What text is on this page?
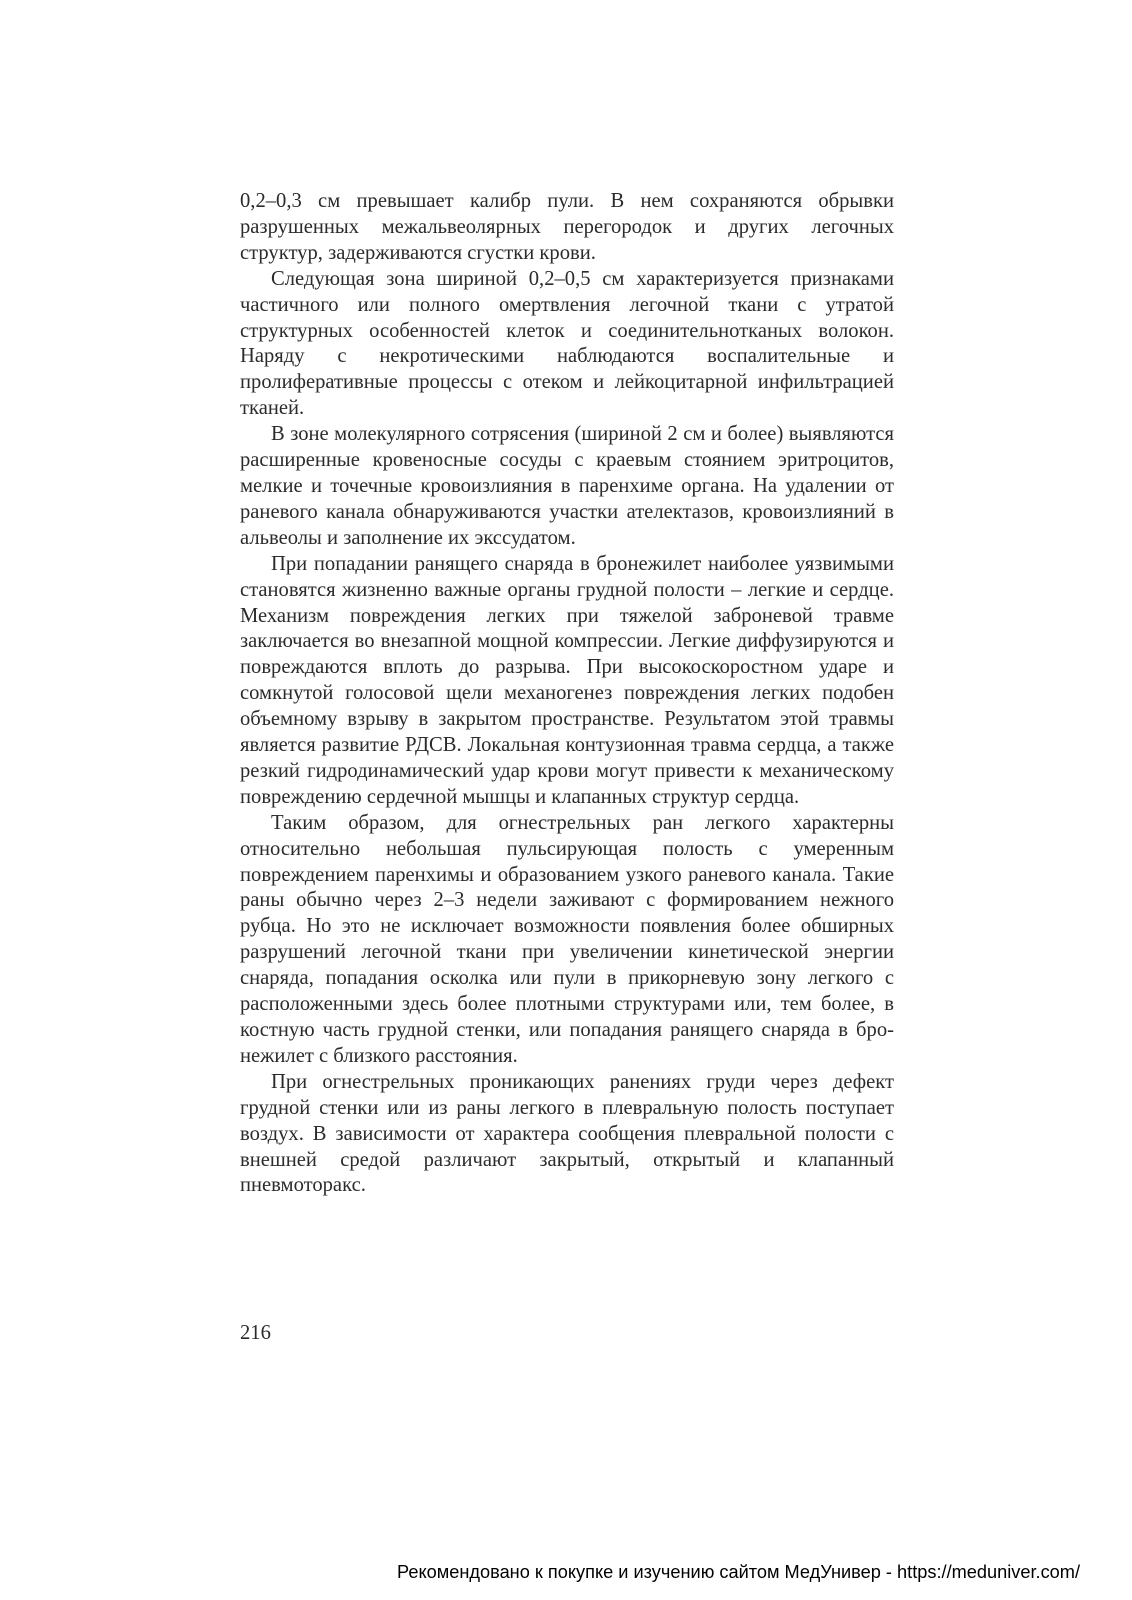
0,2–0,3 см превышает калибр пули. В нем сохраняются обрывки разрушенных межальвеолярных перегородок и других легочных структур, задерживаются сгустки крови.

Следующая зона шириной 0,2–0,5 см характеризуется признаками частичного или полного омертвления легочной ткани с утратой структурных особенностей клеток и соединительнотканых волокон. Наряду с некротическими наблюдаются воспалительные и пролиферативные процессы с отеком и лейкоцитарной инфильтрацией тканей.

В зоне молекулярного сотрясения (шириной 2 см и более) выявляются расширенные кровеносные сосуды с краевым стоянием эритроцитов, мелкие и точечные кровоизлияния в паренхиме органа. На удалении от раневого канала обнаруживаются участки ателектазов, кровоизлияний в альвеолы и заполнение их экссудатом.

При попадании ранящего снаряда в бронежилет наиболее уязвимыми становятся жизненно важные органы грудной полости – легкие и сердце. Механизм повреждения легких при тяжелой заброневой травме заключается во внезапной мощной компрессии. Легкие диффузируются и повреждаются вплоть до разрыва. При высокоскоростном ударе и сомкнутой голосовой щели механогенез повреждения легких подобен объемному взрыву в закрытом пространстве. Результатом этой травмы является развитие РДСВ. Локальная контузионная травма сердца, а также резкий гидродинамический удар крови могут привести к механическому повреждению сердечной мышцы и клапанных структур сердца.

Таким образом, для огнестрельных ран легкого характерны относительно небольшая пульсирующая полость с умеренным повреждением паренхимы и образованием узкого раневого канала. Такие раны обычно через 2–3 недели заживают с формированием нежного рубца. Но это не исключает возможности появления более обширных разрушений легочной ткани при увеличении кинетической энергии снаряда, попадания осколка или пули в прикорневую зону легкого с расположенными здесь более плотными структурами или, тем более, в костную часть грудной стенки, или попадания ранящего снаряда в бронежилет с близкого расстояния.

При огнестрельных проникающих ранениях груди через дефект грудной стенки или из раны легкого в плевральную полость поступает воздух. В зависимости от характера сообщения плевральной полости с внешней средой различают закрытый, открытый и клапанный пневмоторакс.

216
Рекомендовано к покупке и изучению сайтом МедУнивер - https://meduniver.com/
